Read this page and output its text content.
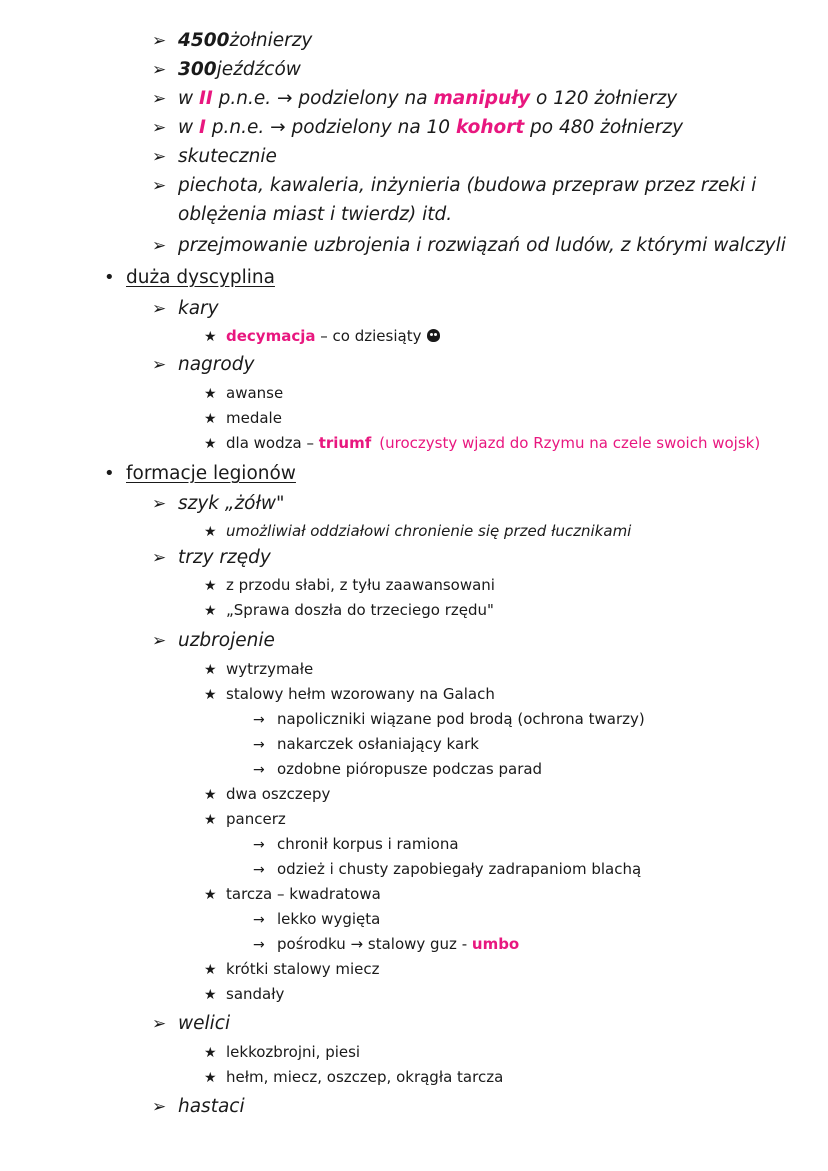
➢ 4500 żołnierzy
➢ 300 jeźdźców
➢ w II p.n.e. → podzielony na manipuły o 120 żołnierzy
➢ w I p.n.e. → podzielony na 10 kohort po 480 żołnierzy
➢ skutecznie
➢ piechota, kawaleria, inżynieria (budowa przepraw przez rzeki i
oblężenia miast i twierdz) itd.
➢ przejmowanie uzbrojenia i rozwiązań od ludów, z którymi walczyli
• duża dyscyplina
➢ kary
★ decymacja – co dziesiąty
➢ nagrody
★ awanse
★ medale
★ dla wodza – triumf (uroczysty wjazd do Rzymu na czele swoich wojsk)
• formacje legionów
➢ szyk „żółw"
★ umożliwiał oddziałowi chronienie się przed łucznikami
➢ trzy rzędy
★ z przodu słabi, z tyłu zaawansowani
★ „Sprawa doszła do trzeciego rzędu"
➢ uzbrojenie
★ wytrzymałe
★ stalowy hełm wzorowany na Galach
→ napoliczniki wiązane pod brodą (ochrona twarzy)
→ nakarczek osłaniający kark
→ ozdobne pióropusze podczas parad
★ dwa oszczepy
★ pancerz
→ chronił korpus i ramiona
→ odzież i chusty zapobiegały zadrapaniom blachą
★ tarcza – kwadratowa
→ lekko wygięta
→ pośrodku → stalowy guz - umbo
★ krótki stalowy miecz
★ sandały
➢ welici
★ lekkozbrojni, piesi
★ hełm, miecz, oszczep, okrągła tarcza
➢ hastaci
